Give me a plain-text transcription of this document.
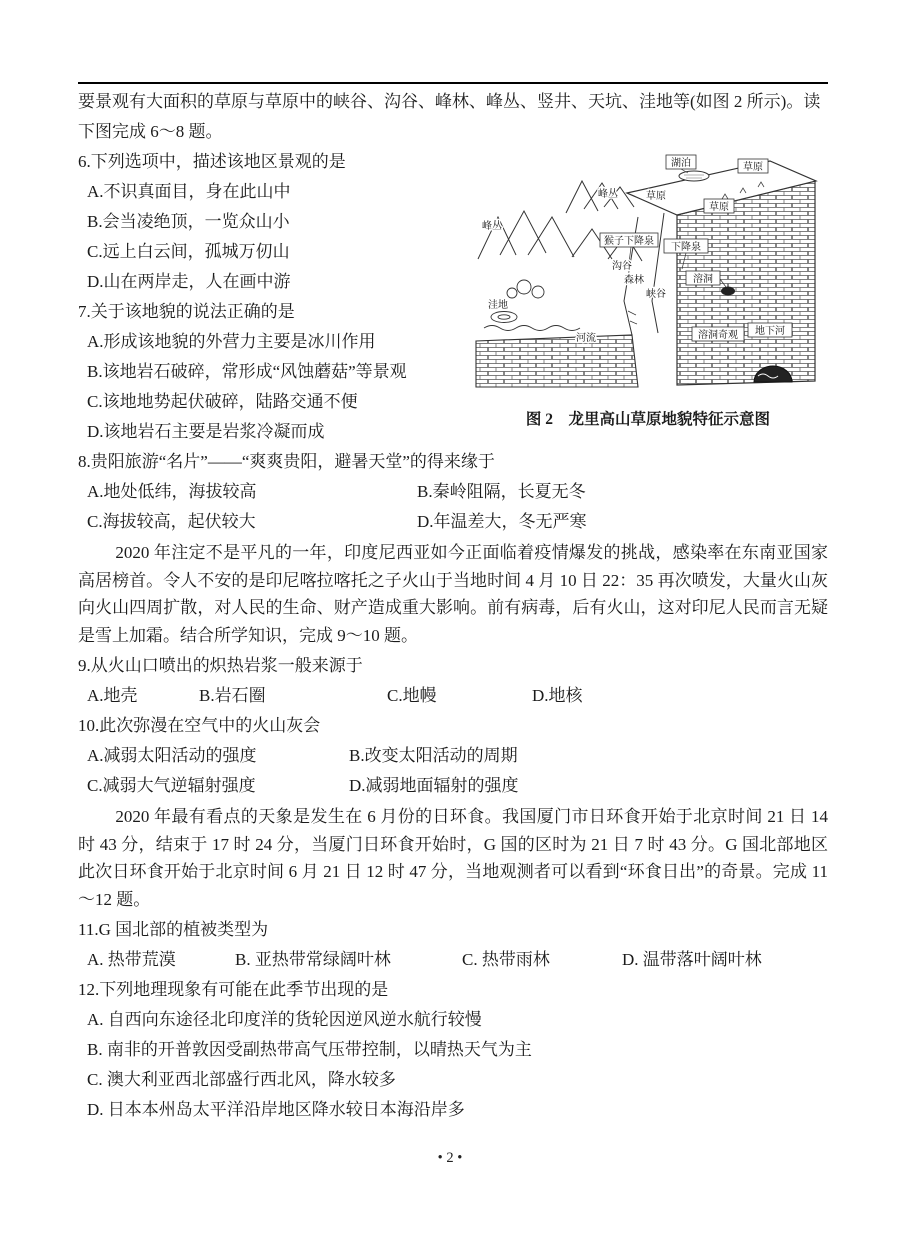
要景观有大面积的草原与草原中的峡谷、沟谷、峰林、峰丛、竖井、天坑、洼地等(如图 2 所示)。读

下图完成 6～8 题。

湖泊	草原
草原
猴子下降泉
下降泉
溶洞
溶洞奇观 地下河
峰丛	草原
峰丛
沟谷
森林
峡谷
洼地
河流
图 2　龙里高山草原地貌特征示意图

6.下列选项中，描述该地区景观的是

A.不识真面目，身在此山中

B.会当凌绝顶，一览众山小

C.远上白云间，孤城万仞山

D.山在两岸走，人在画中游

7.关于该地貌的说法正确的是

A.形成该地貌的外营力主要是冰川作用

B.该地岩石破碎，常形成“风蚀蘑菇”等景观

C.该地地势起伏破碎，陆路交通不便

D.该地岩石主要是岩浆冷凝而成

8.贵阳旅游“名片”——“爽爽贵阳，避暑天堂”的得来缘于

A.地处低纬，海拔较高	B.秦岭阻隔，长夏无冬

C.海拔较高，起伏较大	D.年温差大，冬无严寒

2020 年注定不是平凡的一年，印度尼西亚如今正面临着疫情爆发的挑战，感染率在东南亚国家高居榜首。令人不安的是印尼喀拉喀托之子火山于当地时间 4 月 10 日 22：35 再次喷发，大量火山灰向火山四周扩散，对人民的生命、财产造成重大影响。前有病毒，后有火山，这对印尼人民而言无疑是雪上加霜。结合所学知识，完成 9～10 题。

9.从火山口喷出的炽热岩浆一般来源于

A.地壳	B.岩石圈	C.地幔	D.地核

10.此次弥漫在空气中的火山灰会

A.减弱太阳活动的强度	B.改变太阳活动的周期

C.减弱大气逆辐射强度	D.减弱地面辐射的强度

2020 年最有看点的天象是发生在 6 月份的日环食。我国厦门市日环食开始于北京时间 21 日 14 时 43 分，结束于 17 时 24 分，当厦门日环食开始时，G 国的区时为 21 日 7 时 43 分。G 国北部地区此次日环食开始于北京时间 6 月 21 日 12 时 47 分，当地观测者可以看到“环食日出”的奇景。完成 11～12 题。

11.G 国北部的植被类型为

A. 热带荒漠	B. 亚热带常绿阔叶林	C. 热带雨林	D. 温带落叶阔叶林

12.下列地理现象有可能在此季节出现的是

A. 自西向东途径北印度洋的货轮因逆风逆水航行较慢

B. 南非的开普敦因受副热带高气压带控制，以晴热天气为主

C. 澳大利亚西北部盛行西北风，降水较多

D. 日本本州岛太平洋沿岸地区降水较日本海沿岸多

• 2 •
